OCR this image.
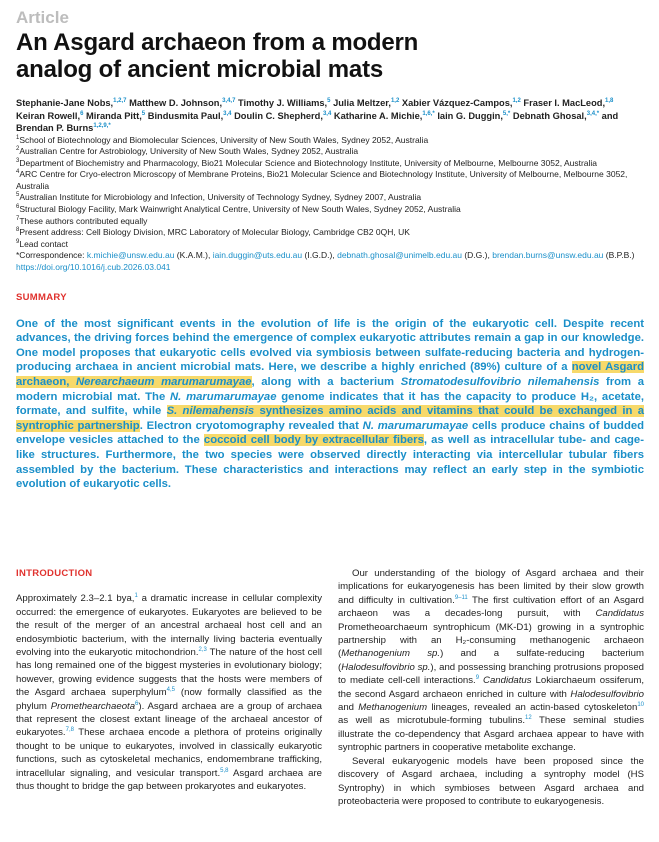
Article
An Asgard archaeon from a modern
analog of ancient microbial mats
Stephanie-Jane Nobs,$^{1,2,7}$ Matthew D. Johnson,$^{3,4,7}$ Timothy J. Williams,$^5$ Julia Meltzer,$^{1,2}$ Xabier Vázquez-Campos,$^{1,2}$ Fraser I. MacLeod,$^{1,8}$ Keiran Rowell,$^6$ Miranda Pitt,$^5$ Bindusmita Paul,$^{3,4}$ Doulin C. Shepherd,$^{3,4}$ Katharine A. Michie,$^{1,6,*}$ Iain G. Duggin,$^{5,*}$ Debnath Ghosal,$^{3,4,*}$ and Brendan P. Burns$^{1,2,9,*}$
$^1$School of Biotechnology and Biomolecular Sciences, University of New South Wales, Sydney 2052, Australia
$^2$Australian Centre for Astrobiology, University of New South Wales, Sydney 2052, Australia
$^3$Department of Biochemistry and Pharmacology, Bio21 Molecular Science and Biotechnology Institute, University of Melbourne, Melbourne 3052, Australia
$^4$ARC Centre for Cryo-electron Microscopy of Membrane Proteins, Bio21 Molecular Science and Biotechnology Institute, University of Melbourne, Melbourne 3052, Australia
$^5$Australian Institute for Microbiology and Infection, University of Technology Sydney, Sydney 2007, Australia
$^6$Structural Biology Facility, Mark Wainwright Analytical Centre, University of New South Wales, Sydney 2052, Australia
$^7$These authors contributed equally
$^8$Present address: Cell Biology Division, MRC Laboratory of Molecular Biology, Cambridge CB2 0QH, UK
$^9$Lead contact
*Correspondence: k.michie@unsw.edu.au (K.A.M.), iain.duggin@uts.edu.au (I.G.D.), debnath.ghosal@unimelb.edu.au (D.G.), brendan.burns@unsw.edu.au (B.P.B.)
https://doi.org/10.1016/j.cub.2026.03.041
SUMMARY

One of the most significant events in the evolution of life is the origin of the eukaryotic cell. Despite recent advances, the driving forces behind the emergence of complex eukaryotic attributes remain a gap in our knowledge. One model proposes that eukaryotic cells evolved via symbiosis between sulfate-reducing bacteria and hydrogen-producing archaea in ancient microbial mats. Here, we describe a highly enriched (89%) culture of a novel Asgard archaeon, Nerearchaeum marumarumayae, along with a bacterium Stromatodesulfovibrio nilemahensis from a modern microbial mat. The N. marumarumayae genome indicates that it has the capacity to produce H₂, acetate, formate, and sulfite, while S. nilemahensis synthesizes amino acids and vitamins that could be exchanged in a syntrophic partnership. Electron cryotomography revealed that N. marumarumayae cells produce chains of budded envelope vesicles attached to the coccoid cell body by extracellular fibers, as well as intracellular tube- and cage-like structures. Furthermore, the two species were observed directly interacting via intercellular tubular fibers assembled by the bacterium. These characteristics and interactions may reflect an early step in the symbiotic evolution of eukaryotic cells.

INTRODUCTION

Approximately 2.3–2.1 bya,$^1$ a dramatic increase in cellular complexity occurred: the emergence of eukaryotes. Eukaryotes are believed to be the result of the merger of an ancestral archaeal host cell and an endosymbiotic bacterium, with the internally living bacteria eventually evolving into the eukaryotic mitochondrion.$^{2,3}$ The nature of the host cell has long remained one of the biggest mysteries in evolutionary biology; however, growing evidence suggests that the hosts were members of the Asgard archaea superphylum$^{4,5}$ (now formally classified as the phylum Promethearchaeota$^6$). Asgard archaea are a group of archaea that represent the closest extant lineage of the archaeal ancestor of eukaryotes.$^{7,8}$ These archaea encode a plethora of proteins originally thought to be unique to eukaryotes, involved in classically eukaryotic functions, such as cytoskeletal mechanics, endomembrane trafficking, intracellular signaling, and vesicular transport.$^{5,8}$ Asgard archaea are thus thought to bridge the gap between prokaryotes and eukaryotes.

Our understanding of the biology of Asgard archaea and their implications for eukaryogenesis has been limited by their slow growth and difficulty in cultivation.$^{9-11}$ The first cultivation effort of an Asgard archaeon was a decades-long pursuit, with Candidatus Prometheoarchaeum syntrophicum (MK-D1) growing in a syntrophic partnership with an H₂-consuming methanogenic archaeon (Methanogenium sp.) and a sulfate-reducing bacterium (Halodesulfovibrio sp.), and possessing branching protrusions proposed to mediate cell-cell interactions.$^9$ Candidatus Lokiarchaeum ossiferum, the second Asgard archaeon enriched in culture with Halodesulfovibrio and Methanogenium lineages, revealed an actin-based cytoskeleton$^{10}$ as well as microtubule-forming tubulins.$^{12}$ These seminal studies illustrate the co-dependency that Asgard archaea appear to have with syntrophic partners in cooperative metabolite exchange.

Several eukaryogenic models have been proposed since the discovery of Asgard archaea, including a syntrophy model (HS Syntrophy) in which symbioses between Asgard archaea and proteobacteria were proposed to contribute to eukaryogenesis.
